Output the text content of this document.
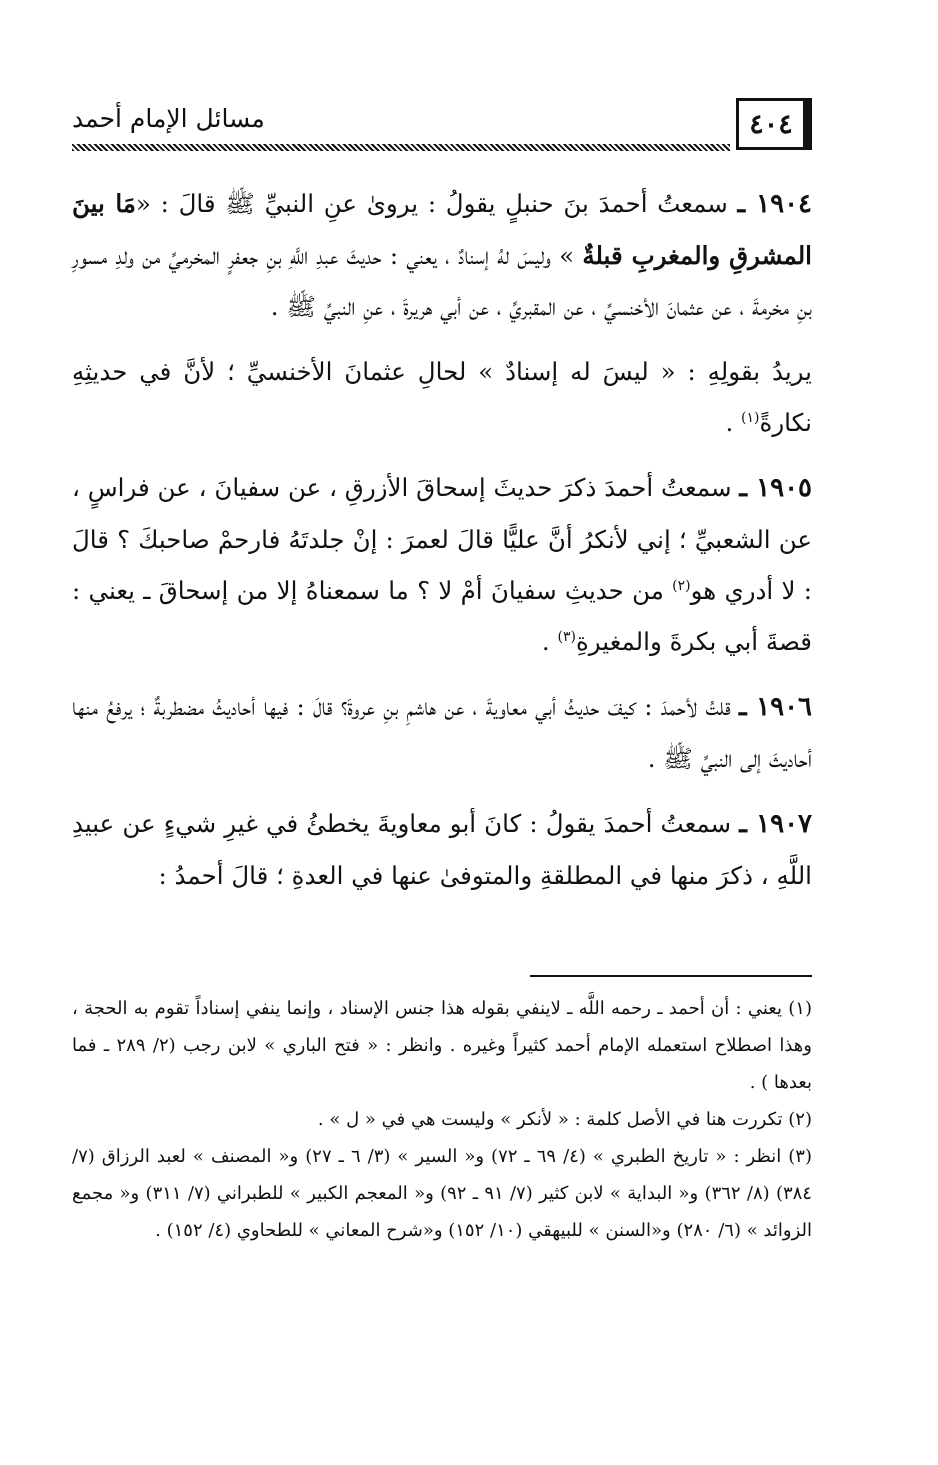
٤٠٤
مسائل الإمام أحمد

١٩٠٤ ـ سمعتُ أحمدَ بنَ حنبلٍ يقولُ : يروىٰ عنِ النبيِّ ﷺ قالَ : «مَا بينَ المشرقِ والمغربِ قبلةٌ » وليسَ لهُ إسنادٌ ، يعني : حديثَ عبدِ اللَّهِ بنِ جعفرٍ المخرميِّ من ولدِ مسورِ بنِ مخرمةَ ، عن عثمانَ الأخنسيِّ ، عن المقبريِّ ، عن أبي هريرةَ ، عنِ النبيِّ ﷺ .

يريدُ بقولِهِ : « ليسَ له إسنادٌ » لحالِ عثمانَ الأخنسيِّ ؛ لأنَّ في حديثِهِ نكارةً$^{(١)}$ .

١٩٠٥ ـ سمعتُ أحمدَ ذكرَ حديثَ إسحاقَ الأزرقِ ، عن سفيانَ ، عن فراسٍ ، عن الشعبيِّ ؛ إني لأنكرُ أنَّ عليًّا قالَ لعمرَ : إنْ جلدتَهُ فارحمْ صاحبكَ ؟ قالَ : لا أدري هو$^{(٢)}$ من حديثِ سفيانَ أمْ لا ؟ ما سمعناهُ إلا من إسحاقَ ـ يعني : قصةَ أبي بكرةَ والمغيرةِ$^{(٣)}$ .

١٩٠٦ ـ قلتُ لأحمدَ : كيفَ حديثُ أبي معاويةَ ، عن هاشمِ بنِ عروةَ؟ قالَ : فيها أحاديثُ مضطربةٌ ؛ يرفعُ منها أحاديثَ إلى النبيِّ ﷺ .

١٩٠٧ ـ سمعتُ أحمدَ يقولُ : كانَ أبو معاويةَ يخطئُ في غيرِ شيءٍ عن عبيدِ اللَّهِ ، ذكرَ منها في المطلقةِ والمتوفىٰ عنها في العدةِ ؛ قالَ أحمدُ :

(١) يعني : أن أحمد ـ رحمه اللَّه ـ لاينفي بقوله هذا جنس الإسناد ، وإنما ينفي إسناداً تقوم به الحجة ، وهذا اصطلاح استعمله الإمام أحمد كثيراً وغيره . وانظر : « فتح الباري » لابن رجب (٢/ ٢٨٩ ـ فما بعدها ) .

(٢) تكررت هنا في الأصل كلمة : « لأنكر » وليست هي في « ل » .

(٣) انظر : « تاريخ الطبري » (٤/ ٦٩ ـ ٧٢) و« السير » (٣/ ٦ ـ ٢٧) و« المصنف » لعبد الرزاق (٧/ ٣٨٤) (٨/ ٣٦٢) و« البداية » لابن كثير (٧/ ٩١ ـ ٩٢) و« المعجم الكبير » للطبراني (٧/ ٣١١) و« مجمع الزوائد » (٦/ ٢٨٠) و«السنن » للبيهقي (١٠/ ١٥٢) و«شرح المعاني » للطحاوي (٤/ ١٥٢) .
